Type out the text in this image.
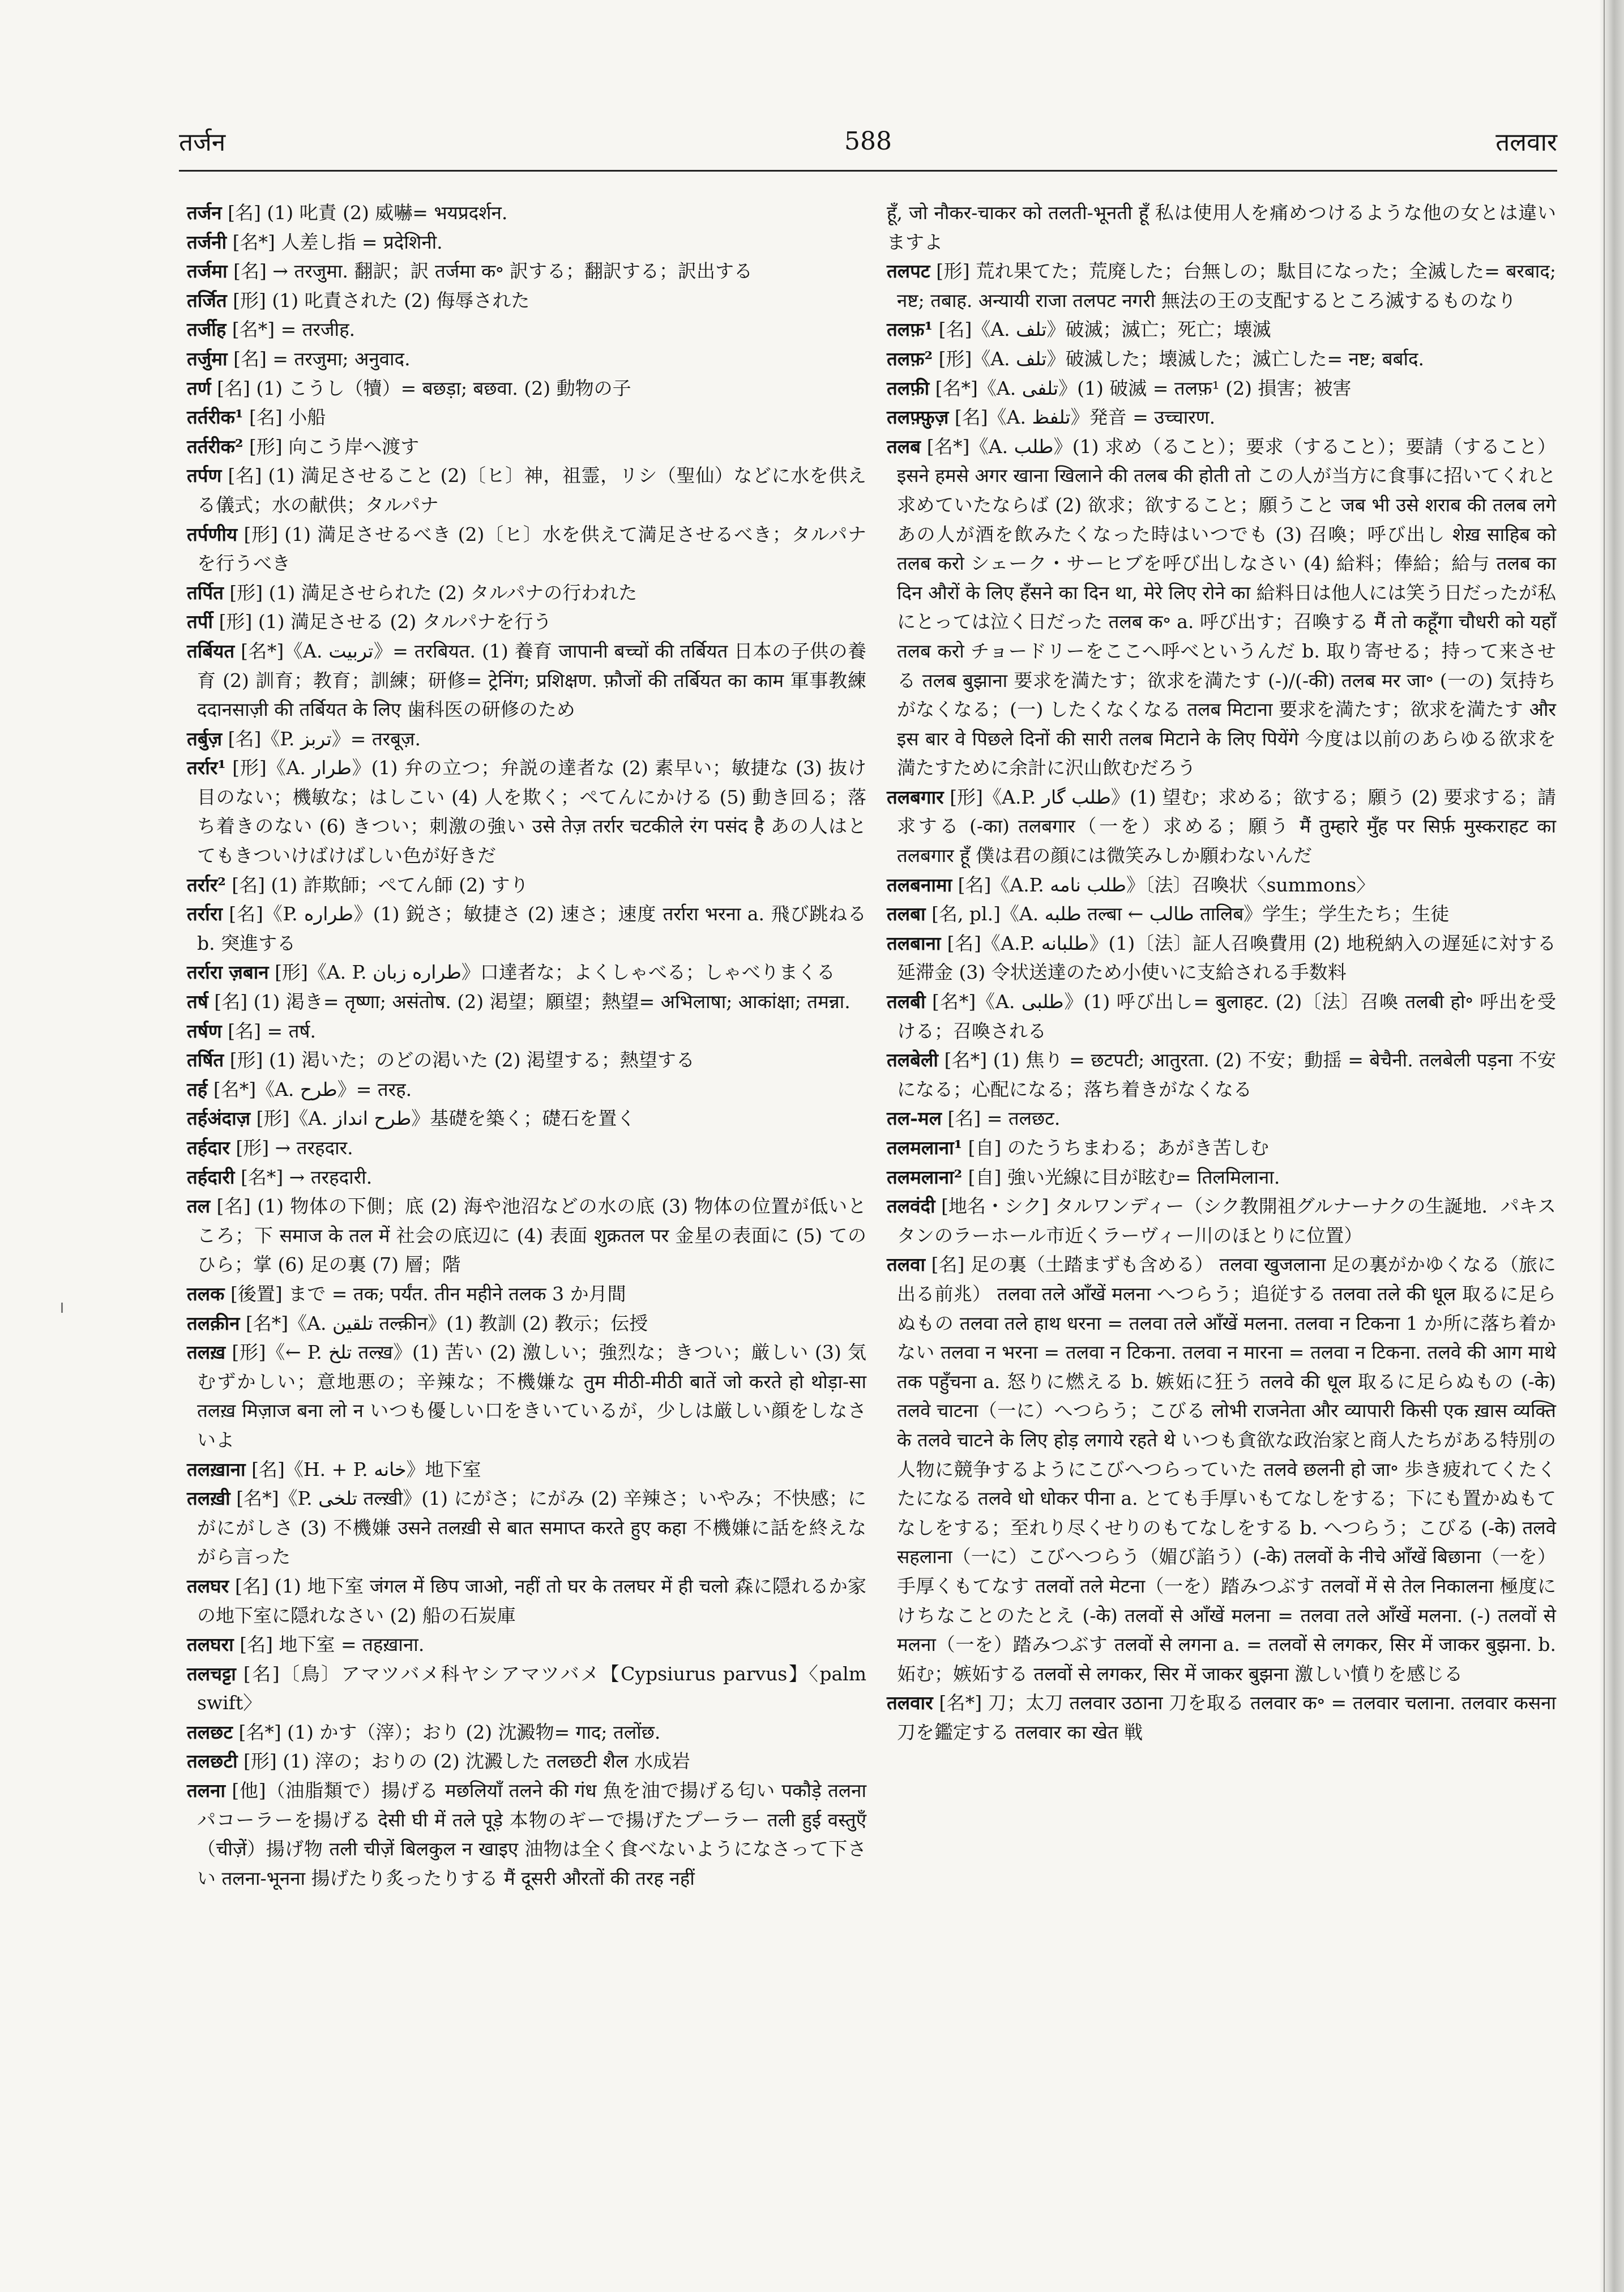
तर्जन	588	तलवार

तर्जन [名] (1) 叱責 (2) 威嚇= भयप्रदर्शन.

तर्जनी [名*] 人差し指 = प्रदेशिनी.

तर्जमा [名] → तरजुमा. 翻訳；訳 तर्जमा क॰ 訳する；翻訳する；訳出する

तर्जित [形] (1) 叱責された (2) 侮辱された

तर्जीह [名*] = तरजीह.

तर्जुमा [名] = तरजुमा; अनुवाद.

तर्ण [名] (1) こうし（犢）= बछड़ा; बछवा. (2) 動物の子

तर्तरीक¹ [名] 小船

तर्तरीक² [形] 向こう岸へ渡す

तर्पण [名] (1) 満足させること (2)〔ヒ〕神，祖霊，リシ（聖仙）などに水を供える儀式；水の献供；タルパナ

तर्पणीय [形] (1) 満足させるべき (2)〔ヒ〕水を供えて満足させるべき；タルパナを行うべき

तर्पित [形] (1) 満足させられた (2) タルパナの行われた

तर्पी [形] (1) 満足させる (2) タルパナを行う

तर्बियत [名*]《A. تربیت》= तरबियत. (1) 養育 जापानी बच्चों की तर्बियत 日本の子供の養育 (2) 訓育；教育；訓練；研修= ट्रेनिंग; प्रशिक्षण. फ़ौजों की तर्बियत का काम 軍事教練 ददानसाज़ी की तर्बियत के लिए 歯科医の研修のため

तर्बुज़ [名]《P. تربز》= तरबूज़.

तर्रार¹ [形]《A. طرار》(1) 弁の立つ；弁説の達者な (2) 素早い；敏捷な (3) 抜け目のない；機敏な；はしこい (4) 人を欺く；ぺてんにかける (5) 動き回る；落ち着きのない (6) きつい；刺激の強い उसे तेज़ तर्रार चटकीले रंग पसंद है あの人はとてもきついけばけばしい色が好きだ

तर्रार² [名] (1) 詐欺師；ぺてん師 (2) すり

तर्रारा [名]《P. طراره》(1) 鋭さ；敏捷さ (2) 速さ；速度 तर्रारा भरना a. 飛び跳ねる b. 突進する

तर्रारा ज़बान [形]《A. P. طراره زبان》口達者な；よくしゃべる；しゃべりまくる

तर्ष [名] (1) 渇き= तृष्णा; असंतोष. (2) 渇望；願望；熱望= अभिलाषा; आकांक्षा; तमन्ना.

तर्षण [名] = तर्ष.

तर्षित [形] (1) 渇いた；のどの渇いた (2) 渇望する；熱望する

तर्ह [名*]《A. طرح》= तरह.

तर्हअंदाज़ [形]《A. طرح انداز》基礎を築く；礎石を置く

तर्हदार [形] → तरहदार.

तर्हदारी [名*] → तरहदारी.

तल [名] (1) 物体の下側；底 (2) 海や池沼などの水の底 (3) 物体の位置が低いところ；下 समाज के तल में 社会の底辺に (4) 表面 शुक्रतल पर 金星の表面に (5) てのひら；掌 (6) 足の裏 (7) 層；階

तलक [後置] まで = तक; पर्यंत. तीन महीने तलक 3 か月間

तलक़ीन [名*]《A. تلقین तल्क़ीन》(1) 教訓 (2) 教示；伝授

तलख़ [形]《← P. تلخ तल्ख़》(1) 苦い (2) 激しい；強烈な；きつい；厳しい (3) 気むずかしい；意地悪の；辛辣な；不機嫌な तुम मीठी-मीठी बातें जो करते हो थोड़ा-सा तलख़ मिज़ाज बना लो न いつも優しい口をきいているが，少しは厳しい顔をしなさいよ

तलख़ाना [名]《H. + P. خانه》地下室

तलख़ी [名*]《P. تلخی तल्ख़ी》(1) にがさ；にがみ (2) 辛辣さ；いやみ；不快感；にがにがしさ (3) 不機嫌 उसने तलख़ी से बात समाप्त करते हुए कहा 不機嫌に話を終えながら言った

तलघर [名] (1) 地下室 जंगल में छिप जाओ, नहीं तो घर के तलघर में ही चलो 森に隠れるか家の地下室に隠れなさい (2) 船の石炭庫

तलघरा [名] 地下室 = तहख़ाना.

तलचट्टा [名]〔鳥〕アマツバメ科ヤシアマツバメ【Cypsiurus parvus】〈palm swift〉

तलछट [名*] (1) かす（滓）；おり (2) 沈澱物= गाद; तलोंछ.

तलछटी [形] (1) 滓の；おりの (2) 沈澱した तलछटी शैल 水成岩

तलना [他]（油脂類で）揚げる मछलियाँ तलने की गंध 魚を油で揚げる匂い पकौड़े तलना パコーラーを揚げる देसी घी में तले पूड़े 本物のギーで揚げたプーラー तली हुई वस्तुएँ（चीज़ें）揚げ物 तली चीज़ें बिलकुल न खाइए 油物は全く食べないようになさって下さい तलना-भूनना 揚げたり炙ったりする मैं दूसरी औरतों की तरह नहीं

हूँ, जो नौकर-चाकर को तलती-भूनती हूँ 私は使用人を痛めつけるような他の女とは違いますよ

तलपट [形] 荒れ果てた；荒廃した；台無しの；駄目になった；全滅した= बरबाद; नष्ट; तबाह. अन्यायी राजा तलपट नगरी 無法の王の支配するところ滅するものなり

तलफ़¹ [名]《A. تلف》破滅；滅亡；死亡；壊滅

तलफ़² [形]《A. تلف》破滅した；壊滅した；滅亡した= नष्ट; बर्बाद.

तलफ़ी [名*]《A. تلفی》(1) 破滅 = तलफ़¹ (2) 損害；被害

तलफ़्फ़ुज़ [名]《A. تلفظ》発音 = उच्चारण.

तलब [名*]《A. طلب》(1) 求め（ること）；要求（すること）；要請（すること） इसने हमसे अगर खाना खिलाने की तलब की होती तो この人が当方に食事に招いてくれと求めていたならば (2) 欲求；欲すること；願うこと जब भी उसे शराब की तलब लगे あの人が酒を飲みたくなった時はいつでも (3) 召喚；呼び出し शेख़ साहिब को तलब करो シェーク・サーヒブを呼び出しなさい (4) 給料；俸給；給与 तलब का दिन औरों के लिए हँसने का दिन था, मेरे लिए रोने का 給料日は他人には笑う日だったが私にとっては泣く日だった तलब क॰ a. 呼び出す；召喚する मैं तो कहूँगा चौधरी को यहाँ तलब करो チョードリーをここへ呼べというんだ b. 取り寄せる；持って来させる तलब बुझाना 要求を満たす；欲求を満たす (-)/(-की) तलब मर जा॰ (一の) 気持ちがなくなる；(一) したくなくなる तलब मिटाना 要求を満たす；欲求を満たす और इस बार वे पिछले दिनों की सारी तलब मिटाने के लिए पियेंगे 今度は以前のあらゆる欲求を満たすために余計に沢山飲むだろう

तलबगार [形]《A.P. طلب گار》(1) 望む；求める；欲する；願う (2) 要求する；請求する (-का) तलबगार（一を）求める；願う मैं तुम्हारे मुँह पर सिर्फ़ मुस्कराहट का तलबगार हूँ 僕は君の顔には微笑みしか願わないんだ

तलबनामा [名]《A.P. طلب نامه》〔法〕召喚状〈summons〉

तलबा [名, pl.]《A. طلبه तल्बा ← طالب तालिब》学生；学生たち；生徒

तलबाना [名]《A.P. طلبانه》(1)〔法〕証人召喚費用 (2) 地税納入の遅延に対する延滞金 (3) 令状送達のため小使いに支給される手数料

तलबी [名*]《A. طلبی》(1) 呼び出し= बुलाहट. (2)〔法〕召喚 तलबी हो॰ 呼出を受ける；召喚される

तलबेली [名*] (1) 焦り = छटपटी; आतुरता. (2) 不安；動揺 = बेचैनी. तलबेली पड़ना 不安になる；心配になる；落ち着きがなくなる

तल-मल [名] = तलछट.

तलमलाना¹ [自] のたうちまわる；あがき苦しむ

तलमलाना² [自] 強い光線に目が眩む= तिलमिलाना.

तलवंदी [地名・シク] タルワンディー（シク教開祖グルナーナクの生誕地．パキスタンのラーホール市近くラーヴィー川のほとりに位置）

तलवा [名] 足の裏（土踏まずも含める） तलवा खुजलाना 足の裏がかゆくなる（旅に出る前兆） तलवा तले आँखें मलना へつらう；追従する तलवा तले की धूल 取るに足らぬもの तलवा तले हाथ धरना = तलवा तले आँखें मलना. तलवा न टिकना 1 か所に落ち着かない तलवा न भरना = तलवा न टिकना. तलवा न मारना = तलवा न टिकना. तलवे की आग माथे तक पहुँचना a. 怒りに燃える b. 嫉妬に狂う तलवे की धूल 取るに足らぬもの (-के) तलवे चाटना（一に）へつらう；こびる लोभी राजनेता और व्यापारी किसी एक ख़ास व्यक्ति के तलवे चाटने के लिए होड़ लगाये रहते थे いつも貪欲な政治家と商人たちがある特別の人物に競争するようにこびへつらっていた तलवे छलनी हो जा॰ 歩き疲れてくたくたになる तलवे धो धोकर पीना a. とても手厚いもてなしをする；下にも置かぬもてなしをする；至れり尽くせりのもてなしをする b. へつらう；こびる (-के) तलवे सहलाना（一に）こびへつらう（媚び諂う）(-के) तलवों के नीचे आँखें बिछाना（一を）手厚くもてなす तलवों तले मेटना（一を）踏みつぶす तलवों में से तेल निकालना 極度にけちなことのたとえ (-के) तलवों से आँखें मलना = तलवा तले आँखें मलना. (-) तलवों से मलना（一を）踏みつぶす तलवों से लगना a. = तलवों से लगकर, सिर में जाकर बुझना. b. 妬む；嫉妬する तलवों से लगकर, सिर में जाकर बुझना 激しい憤りを感じる

तलवार [名*] 刀；太刀 तलवार उठाना 刀を取る तलवार क॰ = तलवार चलाना. तलवार कसना 刀を鑑定する तलवार का खेत 戦
